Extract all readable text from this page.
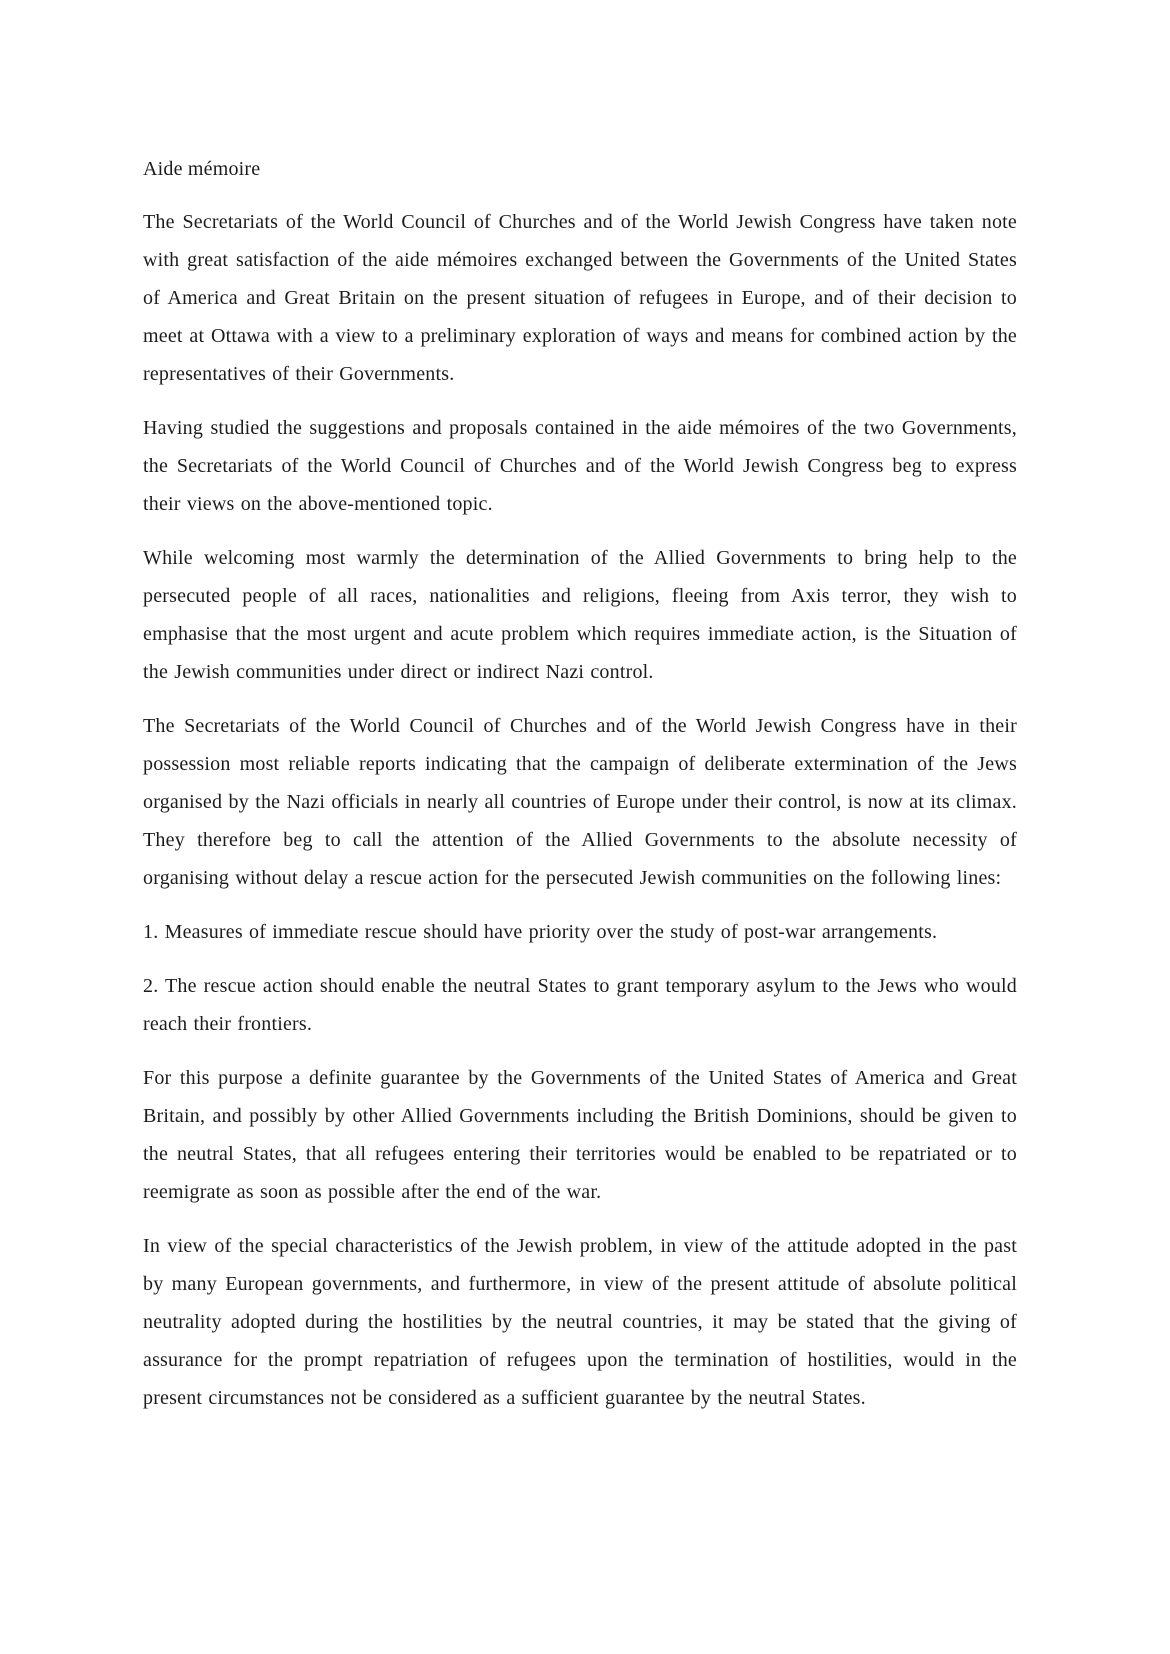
Aide mémoire

The Secretariats of the World Council of Churches and of the World Jewish Congress have taken note with great satisfaction of the aide mémoires exchanged between the Governments of the United States of America and Great Britain on the present situation of refugees in Europe, and of their decision to meet at Ottawa with a view to a preliminary exploration of ways and means for combined action by the representatives of their Governments.

Having studied the suggestions and proposals contained in the aide mémoires of the two Governments, the Secretariats of the World Council of Churches and of the World Jewish Congress beg to express their views on the above-mentioned topic.

While welcoming most warmly the determination of the Allied Governments to bring help to the persecuted people of all races, nationalities and religions, fleeing from Axis terror, they wish to emphasise that the most urgent and acute problem which requires immediate action, is the Situation of the Jewish communities under direct or indirect Nazi control.

The Secretariats of the World Council of Churches and of the World Jewish Congress have in their possession most reliable reports indicating that the campaign of deliberate extermination of the Jews organised by the Nazi officials in nearly all countries of Europe under their control, is now at its climax. They therefore beg to call the attention of the Allied Governments to the absolute necessity of organising without delay a rescue action for the persecuted Jewish communities on the following lines:

1. Measures of immediate rescue should have priority over the study of post-war arrangements.

2. The rescue action should enable the neutral States to grant temporary asylum to the Jews who would reach their frontiers.

For this purpose a definite guarantee by the Governments of the United States of America and Great Britain, and possibly by other Allied Governments including the British Dominions, should be given to the neutral States, that all refugees entering their territories would be enabled to be repatriated or to reemigrate as soon as possible after the end of the war.

In view of the special characteristics of the Jewish problem, in view of the attitude adopted in the past by many European governments, and furthermore, in view of the present attitude of absolute political neutrality adopted during the hostilities by the neutral countries, it may be stated that the giving of assurance for the prompt repatriation of refugees upon the termination of hostilities, would in the present circumstances not be considered as a sufficient guarantee by the neutral States.
